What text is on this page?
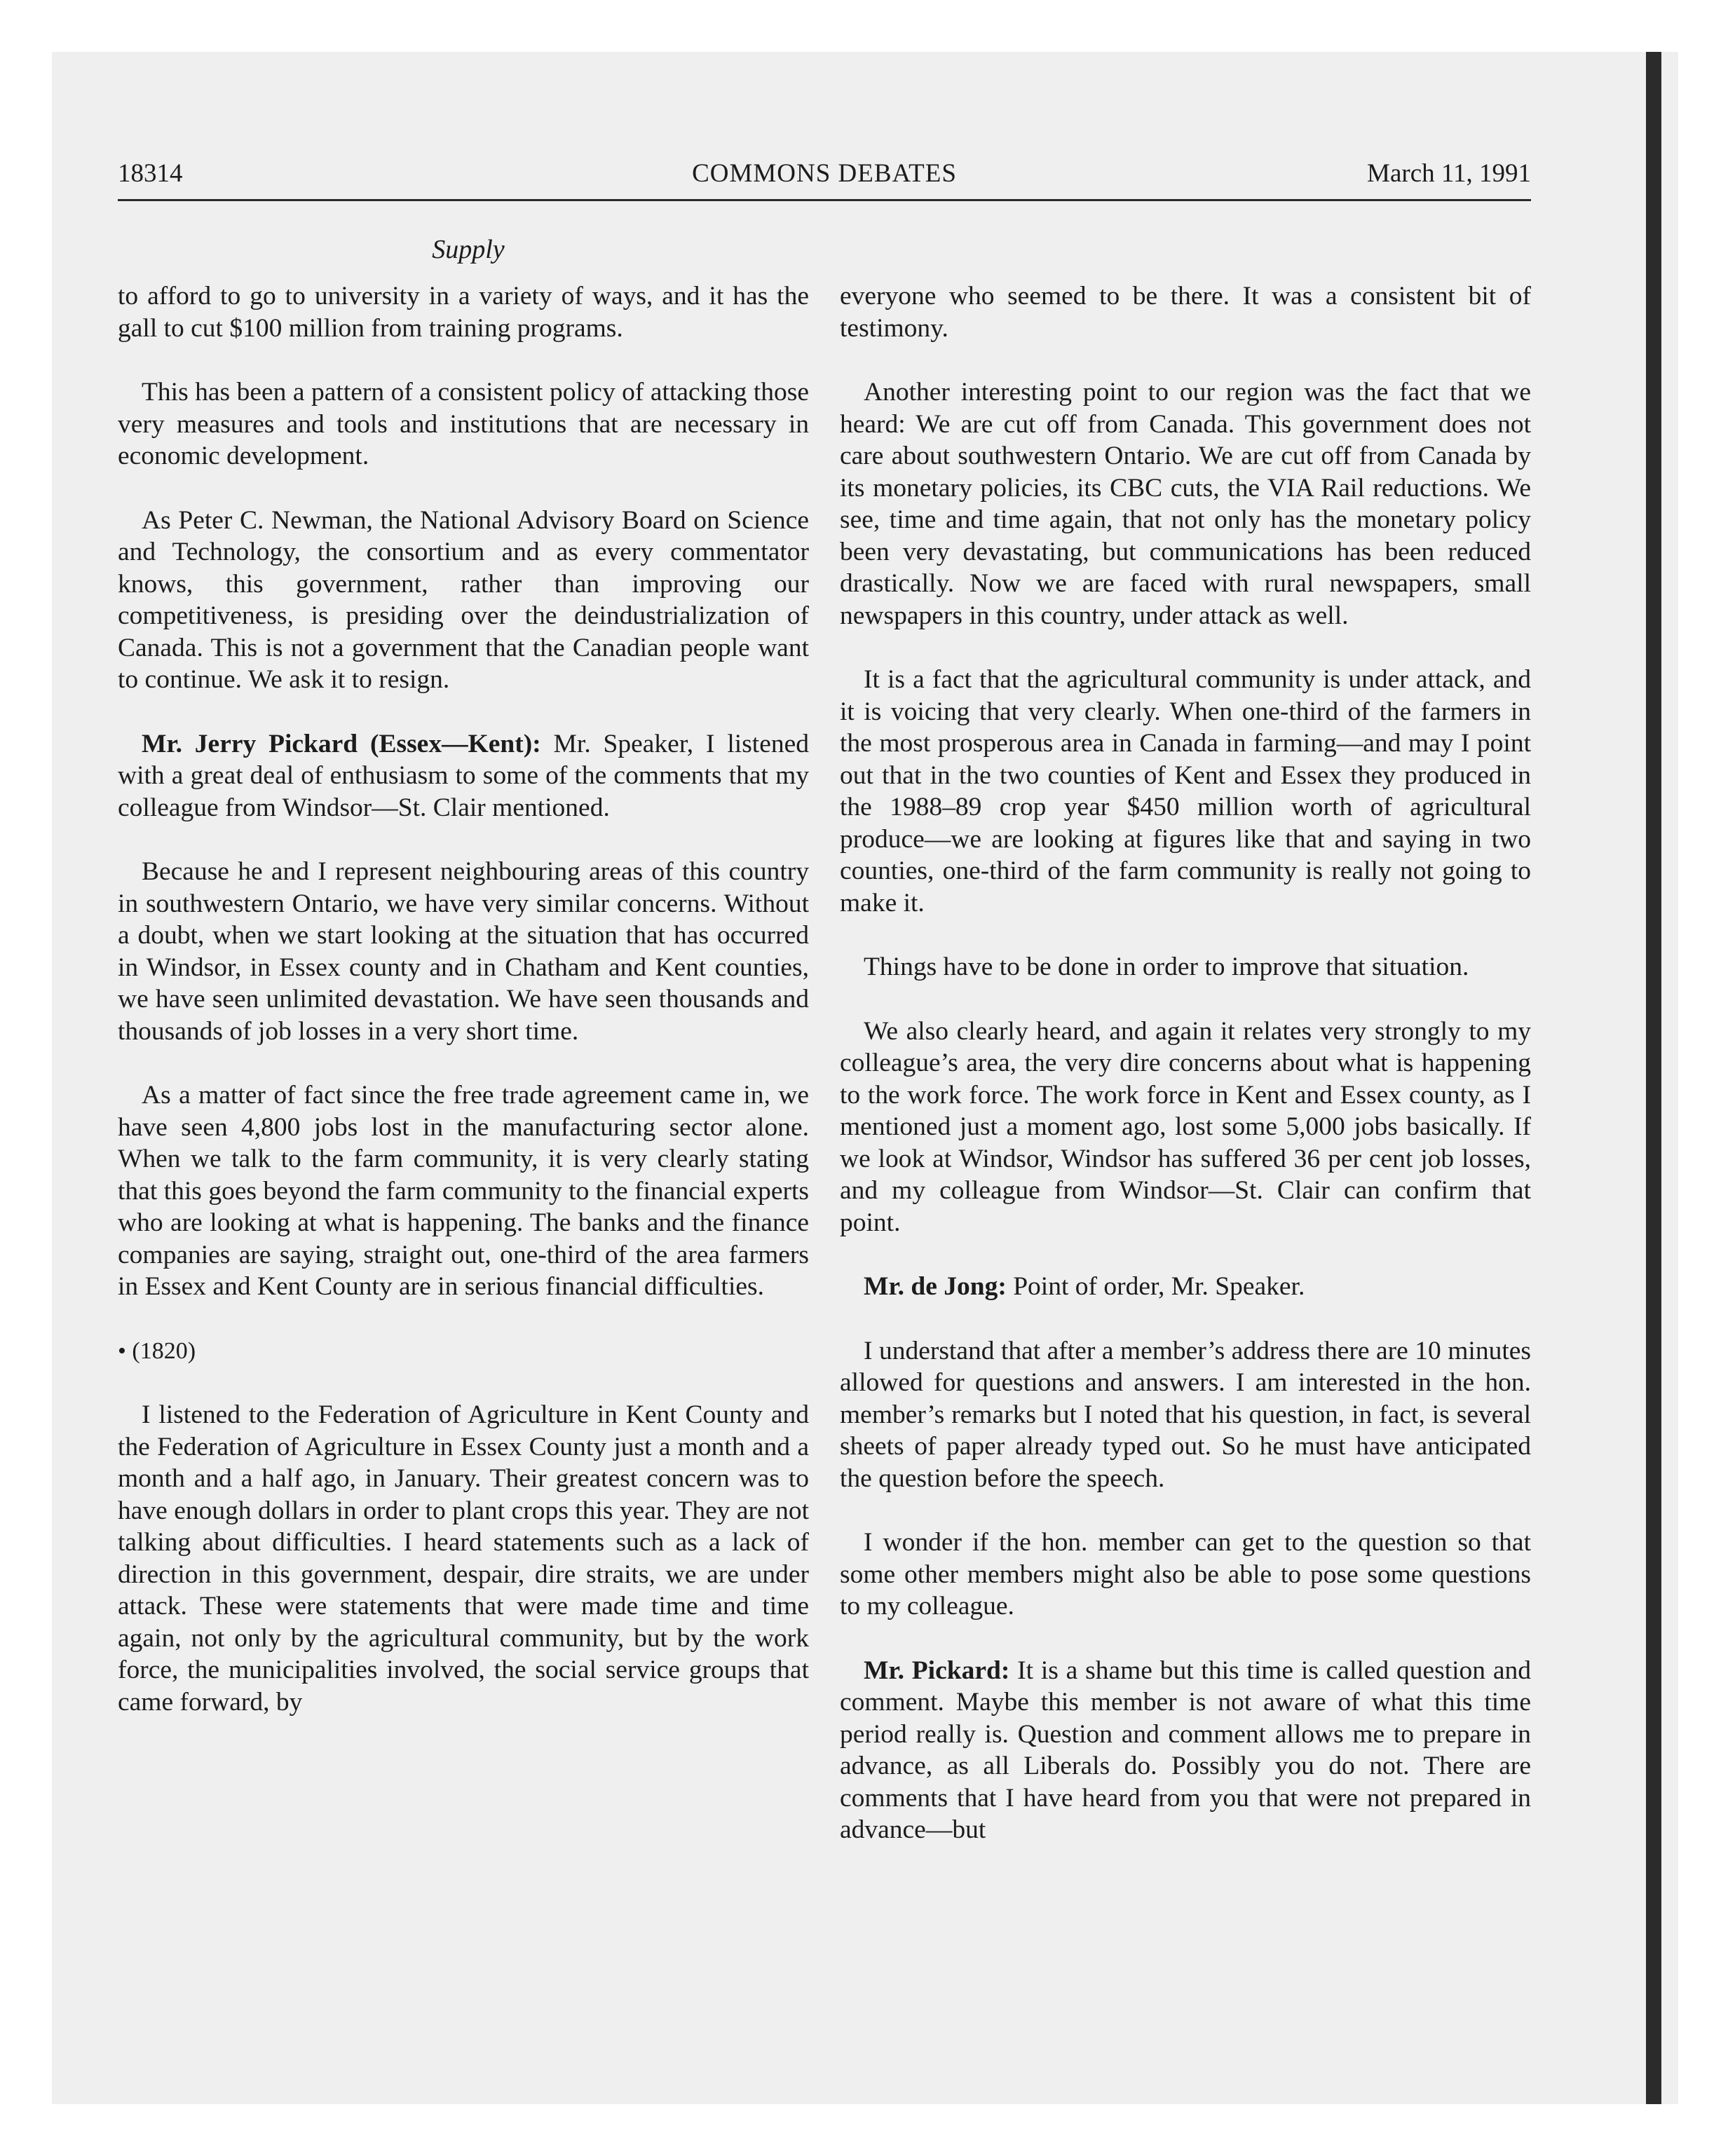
18314	COMMONS DEBATES	March 11, 1991
Supply

to afford to go to university in a variety of ways, and it has the gall to cut $100 million from training programs.

This has been a pattern of a consistent policy of attacking those very measures and tools and institutions that are necessary in economic development.

As Peter C. Newman, the National Advisory Board on Science and Technology, the consortium and as every commentator knows, this government, rather than improving our competitiveness, is presiding over the deindustrialization of Canada. This is not a government that the Canadian people want to continue. We ask it to resign.

Mr. Jerry Pickard (Essex—Kent): Mr. Speaker, I listened with a great deal of enthusiasm to some of the comments that my colleague from Windsor—St. Clair mentioned.

Because he and I represent neighbouring areas of this country in southwestern Ontario, we have very similar concerns. Without a doubt, when we start looking at the situation that has occurred in Windsor, in Essex county and in Chatham and Kent counties, we have seen unlimited devastation. We have seen thousands and thousands of job losses in a very short time.

As a matter of fact since the free trade agreement came in, we have seen 4,800 jobs lost in the manufacturing sector alone. When we talk to the farm community, it is very clearly stating that this goes beyond the farm community to the financial experts who are looking at what is happening. The banks and the finance companies are saying, straight out, one-third of the area farmers in Essex and Kent County are in serious financial difficulties.

• (1820)

I listened to the Federation of Agriculture in Kent County and the Federation of Agriculture in Essex County just a month and a month and a half ago, in January. Their greatest concern was to have enough dollars in order to plant crops this year. They are not talking about difficulties. I heard statements such as a lack of direction in this government, despair, dire straits, we are under attack. These were statements that were made time and time again, not only by the agricultural community, but by the work force, the municipalities involved, the social service groups that came forward, by

everyone who seemed to be there. It was a consistent bit of testimony.

Another interesting point to our region was the fact that we heard: We are cut off from Canada. This government does not care about southwestern Ontario. We are cut off from Canada by its monetary policies, its CBC cuts, the VIA Rail reductions. We see, time and time again, that not only has the monetary policy been very devastating, but communications has been reduced drastically. Now we are faced with rural newspapers, small newspapers in this country, under attack as well.

It is a fact that the agricultural community is under attack, and it is voicing that very clearly. When one-third of the farmers in the most prosperous area in Canada in farming—and may I point out that in the two counties of Kent and Essex they produced in the 1988–89 crop year $450 million worth of agricultural produce—we are looking at figures like that and saying in two counties, one-third of the farm community is really not going to make it.

Things have to be done in order to improve that situation.

We also clearly heard, and again it relates very strongly to my colleague’s area, the very dire concerns about what is happening to the work force. The work force in Kent and Essex county, as I mentioned just a moment ago, lost some 5,000 jobs basically. If we look at Windsor, Windsor has suffered 36 per cent job losses, and my colleague from Windsor—St. Clair can confirm that point.

Mr. de Jong: Point of order, Mr. Speaker.

I understand that after a member’s address there are 10 minutes allowed for questions and answers. I am interested in the hon. member’s remarks but I noted that his question, in fact, is several sheets of paper already typed out. So he must have anticipated the question before the speech.

I wonder if the hon. member can get to the question so that some other members might also be able to pose some questions to my colleague.

Mr. Pickard: It is a shame but this time is called question and comment. Maybe this member is not aware of what this time period really is. Question and comment allows me to prepare in advance, as all Liberals do. Possibly you do not. There are comments that I have heard from you that were not prepared in advance—but
